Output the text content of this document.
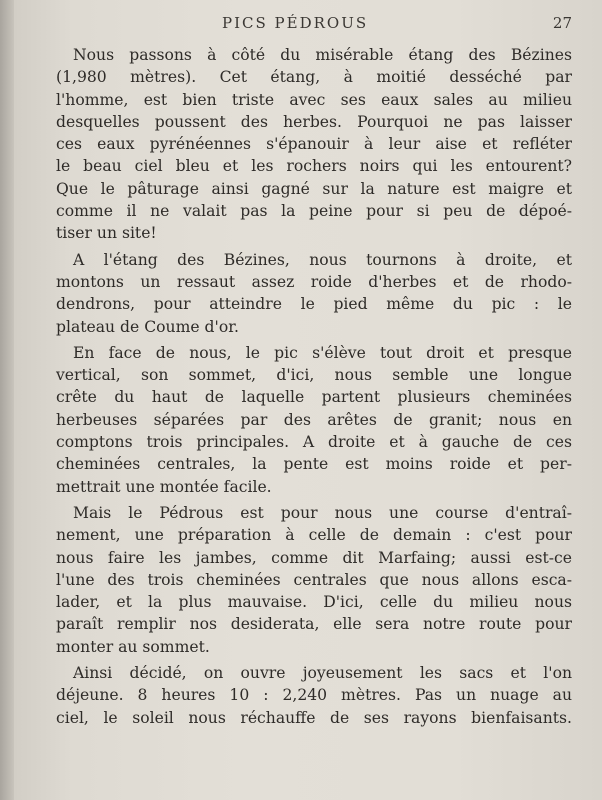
PICS PÉDROUS	27
Nous passons à côté du misérable étang des Bézines
(1,980 mètres). Cet étang, à moitié desséché par
l'homme, est bien triste avec ses eaux sales au milieu
desquelles poussent des herbes. Pourquoi ne pas laisser
ces eaux pyrénéennes s'épanouir à leur aise et refléter
le beau ciel bleu et les rochers noirs qui les entourent?
Que le pâturage ainsi gagné sur la nature est maigre et
comme il ne valait pas la peine pour si peu de dépoé-
tiser un site!
A l'étang des Bézines, nous tournons à droite, et
montons un ressaut assez roide d'herbes et de rhodo-
dendrons, pour atteindre le pied même du pic : le
plateau de Coume d'or.
En face de nous, le pic s'élève tout droit et presque
vertical, son sommet, d'ici, nous semble une longue
crête du haut de laquelle partent plusieurs cheminées
herbeuses séparées par des arêtes de granit; nous en
comptons trois principales. A droite et à gauche de ces
cheminées centrales, la pente est moins roide et per-
mettrait une montée facile.
Mais le Pédrous est pour nous une course d'entraî-
nement, une préparation à celle de demain : c'est pour
nous faire les jambes, comme dit Marfaing; aussi est-ce
l'une des trois cheminées centrales que nous allons esca-
lader, et la plus mauvaise. D'ici, celle du milieu nous
paraît remplir nos desiderata, elle sera notre route pour
monter au sommet.
Ainsi décidé, on ouvre joyeusement les sacs et l'on
déjeune. 8 heures 10 : 2,240 mètres. Pas un nuage au
ciel, le soleil nous réchauffe de ses rayons bienfaisants.
